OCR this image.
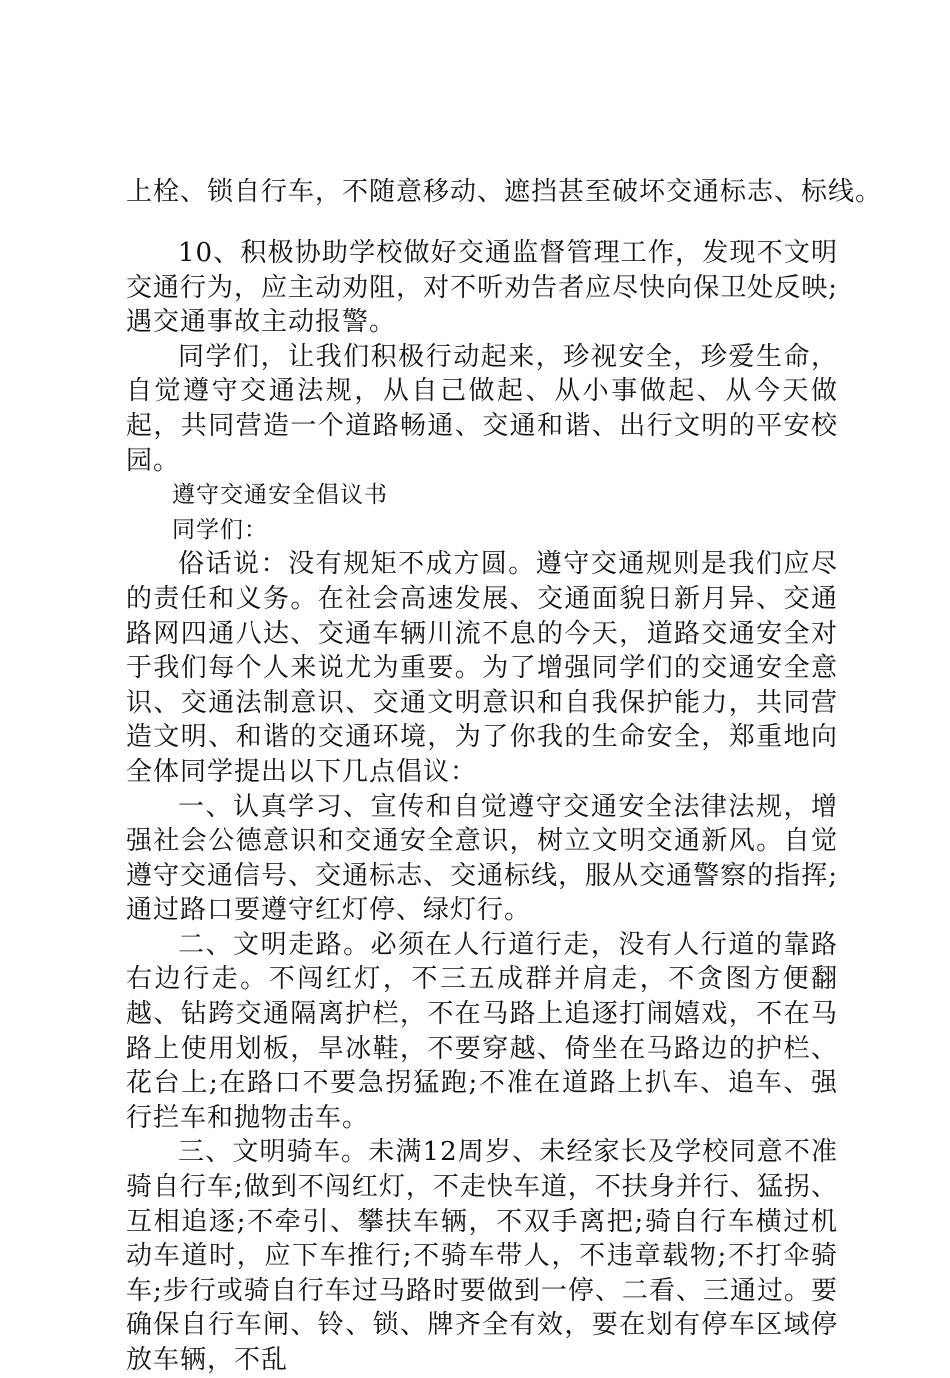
上栓、锁自行车，不随意移动、遮挡甚至破坏交通标志、标线。

10、积极协助学校做好交通监督管理工作，发现不文明交通行为，应主动劝阻，对不听劝告者应尽快向保卫处反映;遇交通事故主动报警。

同学们，让我们积极行动起来，珍视安全，珍爱生命，自觉遵守交通法规，从自己做起、从小事做起、从今天做起，共同营造一个道路畅通、交通和谐、出行文明的平安校园。

遵守交通安全倡议书

同学们：

俗话说：没有规矩不成方圆。遵守交通规则是我们应尽的责任和义务。在社会高速发展、交通面貌日新月异、交通路网四通八达、交通车辆川流不息的今天，道路交通安全对于我们每个人来说尤为重要。为了增强同学们的交通安全意识、交通法制意识、交通文明意识和自我保护能力，共同营造文明、和谐的交通环境，为了你我的生命安全，郑重地向全体同学提出以下几点倡议：

一、认真学习、宣传和自觉遵守交通安全法律法规，增强社会公德意识和交通安全意识，树立文明交通新风。自觉遵守交通信号、交通标志、交通标线，服从交通警察的指挥;通过路口要遵守红灯停、绿灯行。

二、文明走路。必须在人行道行走，没有人行道的靠路右边行走。不闯红灯，不三五成群并肩走，不贪图方便翻越、钻跨交通隔离护栏，不在马路上追逐打闹嬉戏，不在马路上使用划板，旱冰鞋，不要穿越、倚坐在马路边的护栏、花台上;在路口不要急拐猛跑;不准在道路上扒车、追车、强行拦车和抛物击车。

三、文明骑车。未满12周岁、未经家长及学校同意不准骑自行车;做到不闯红灯，不走快车道，不扶身并行、猛拐、互相追逐;不牵引、攀扶车辆，不双手离把;骑自行车横过机动车道时，应下车推行;不骑车带人，不违章载物;不打伞骑车;步行或骑自行车过马路时要做到一停、二看、三通过。要确保自行车闸、铃、锁、牌齐全有效，要在划有停车区域停放车辆，不乱
